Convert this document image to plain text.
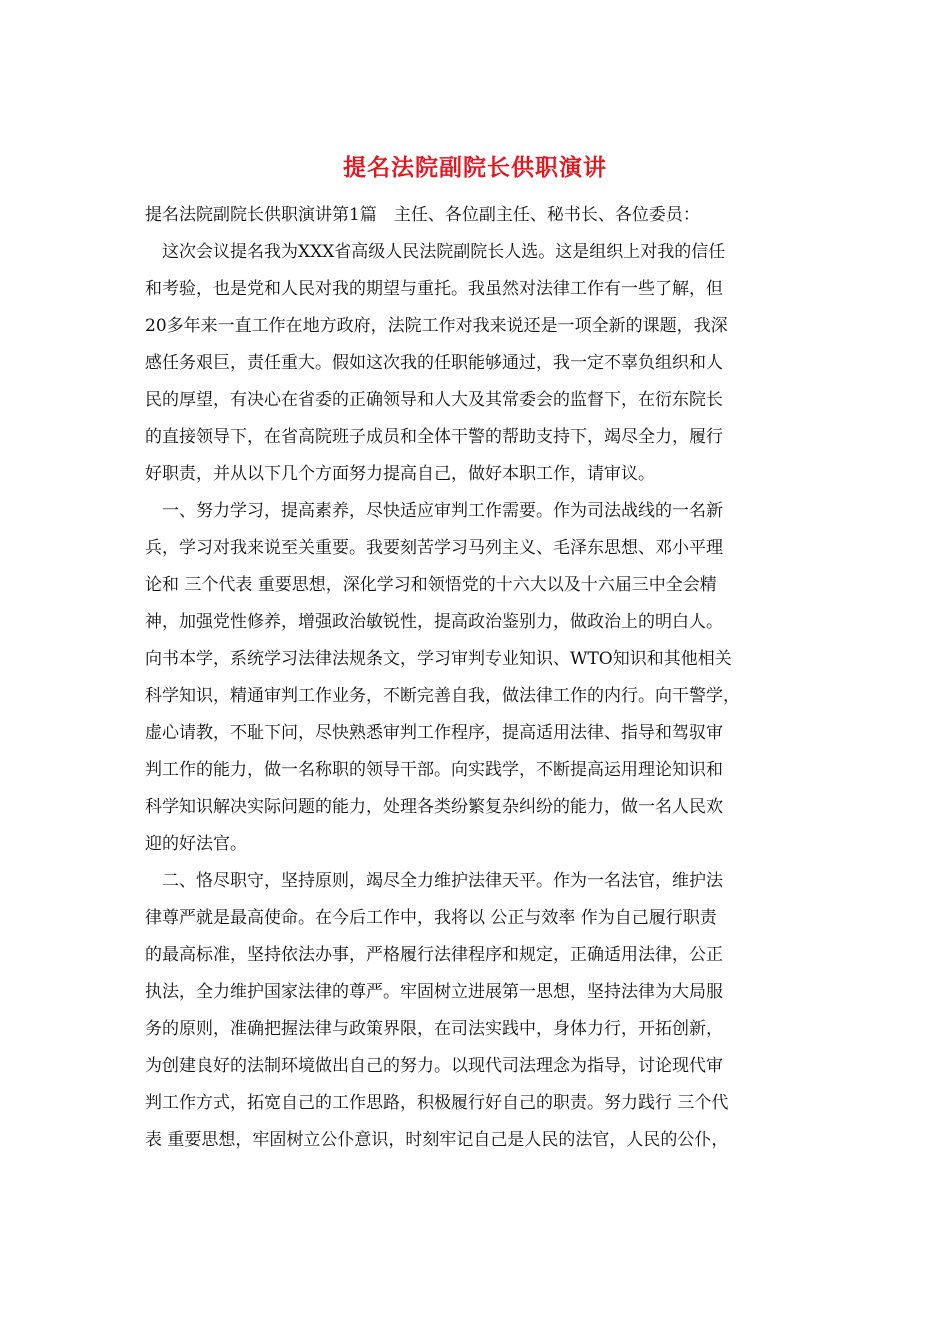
提名法院副院长供职演讲
提名法院副院长供职演讲第1篇　主任、各位副主任、秘书长、各位委员：
　这次会议提名我为XXX省高级人民法院副院长人选。这是组织上对我的信任
和考验，也是党和人民对我的期望与重托。我虽然对法律工作有一些了解，但
20多年来一直工作在地方政府，法院工作对我来说还是一项全新的课题，我深
感任务艰巨，责任重大。假如这次我的任职能够通过，我一定不辜负组织和人
民的厚望，有决心在省委的正确领导和人大及其常委会的监督下，在衍东院长
的直接领导下，在省高院班子成员和全体干警的帮助支持下，竭尽全力，履行
好职责，并从以下几个方面努力提高自己，做好本职工作，请审议。
　一、努力学习，提高素养，尽快适应审判工作需要。作为司法战线的一名新
兵，学习对我来说至关重要。我要刻苦学习马列主义、毛泽东思想、邓小平理
论和 三个代表 重要思想，深化学习和领悟党的十六大以及十六届三中全会精
神，加强党性修养，增强政治敏锐性，提高政治鉴别力，做政治上的明白人。
向书本学，系统学习法律法规条文，学习审判专业知识、WTO知识和其他相关
科学知识，精通审判工作业务，不断完善自我，做法律工作的内行。向干警学，
虚心请教，不耻下问，尽快熟悉审判工作程序，提高适用法律、指导和驾驭审
判工作的能力，做一名称职的领导干部。向实践学，不断提高运用理论知识和
科学知识解决实际问题的能力，处理各类纷繁复杂纠纷的能力，做一名人民欢
迎的好法官。
　二、恪尽职守，坚持原则，竭尽全力维护法律天平。作为一名法官，维护法
律尊严就是最高使命。在今后工作中，我将以 公正与效率 作为自己履行职责
的最高标准，坚持依法办事，严格履行法律程序和规定，正确适用法律，公正
执法，全力维护国家法律的尊严。牢固树立进展第一思想，坚持法律为大局服
务的原则，准确把握法律与政策界限，在司法实践中，身体力行，开拓创新，
为创建良好的法制环境做出自己的努力。以现代司法理念为指导，讨论现代审
判工作方式，拓宽自己的工作思路，积极履行好自己的职责。努力践行 三个代
表 重要思想，牢固树立公仆意识，时刻牢记自己是人民的法官，人民的公仆，
